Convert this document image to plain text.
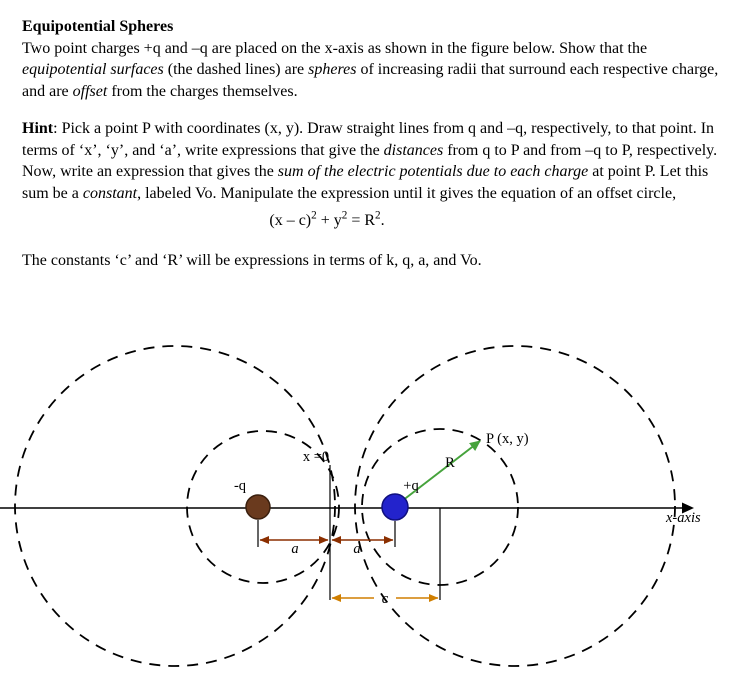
Equipotential Spheres

Two point charges +q and –q are placed on the x-axis as shown in the figure below. Show that the equipotential surfaces (the dashed lines) are spheres of increasing radii that surround each respective charge, and are offset from the charges themselves.

Hint: Pick a point P with coordinates (x, y). Draw straight lines from q and –q, respectively, to that point. In terms of ‘x’, ‘y’, and ‘a’, write expressions that give the distances from q to P and from –q to P, respectively. Now, write an expression that gives the sum of the electric potentials due to each charge at point P. Let this sum be a constant, labeled Vo. Manipulate the expression until it gives the equation of an offset circle,

$(x - c)^2 + y^2 = R^2$.

The constants ‘c’ and ‘R’ will be expressions in terms of k, q, a, and Vo.

x-axis
x =0	R
P (x, y)
-q	+q
a	a
c
